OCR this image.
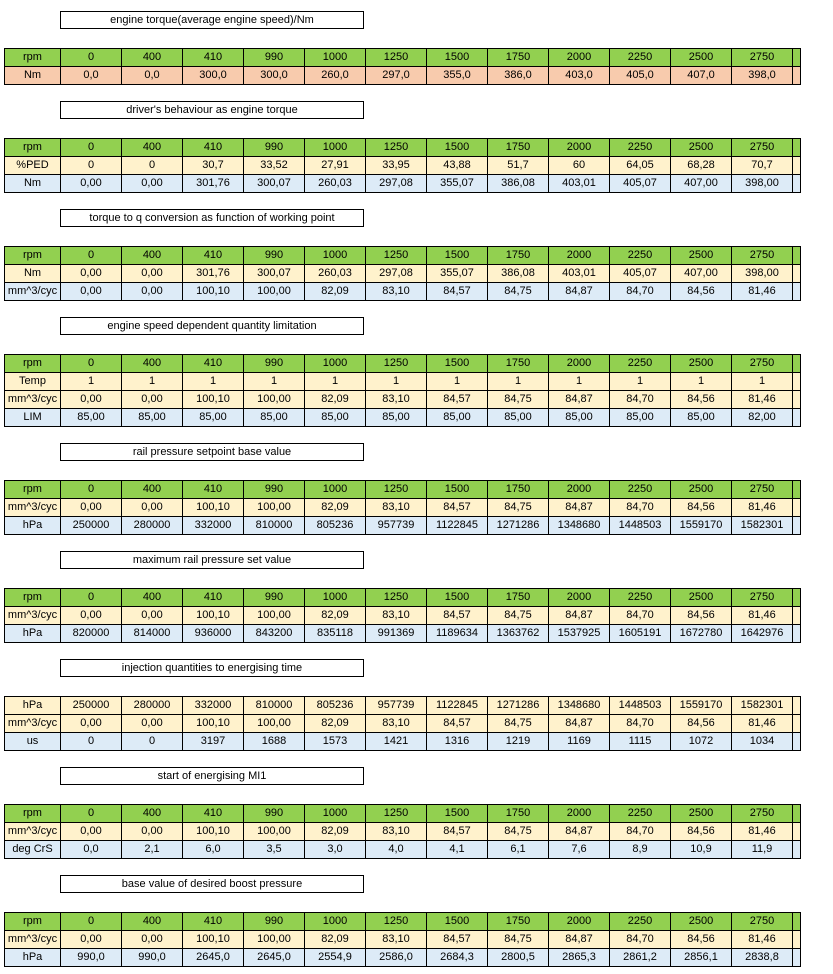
engine torque(average engine speed)/Nm
rpm	0	400	410	990	1000	1250	1500	1750	2000	2250	2500	2750	
Nm	0,0	0,0	300,0	300,0	260,0	297,0	355,0	386,0	403,0	405,0	407,0	398,0	
driver's behaviour as engine torque
rpm	0	400	410	990	1000	1250	1500	1750	2000	2250	2500	2750	
%PED	0	0	30,7	33,52	27,91	33,95	43,88	51,7	60	64,05	68,28	70,7	
Nm	0,00	0,00	301,76	300,07	260,03	297,08	355,07	386,08	403,01	405,07	407,00	398,00	
torque to q conversion as function of working point
rpm	0	400	410	990	1000	1250	1500	1750	2000	2250	2500	2750	
Nm	0,00	0,00	301,76	300,07	260,03	297,08	355,07	386,08	403,01	405,07	407,00	398,00	
mm^3/cyc	0,00	0,00	100,10	100,00	82,09	83,10	84,57	84,75	84,87	84,70	84,56	81,46	
engine speed dependent quantity limitation
rpm	0	400	410	990	1000	1250	1500	1750	2000	2250	2500	2750	
Temp	1	1	1	1	1	1	1	1	1	1	1	1	
mm^3/cyc	0,00	0,00	100,10	100,00	82,09	83,10	84,57	84,75	84,87	84,70	84,56	81,46	
LIM	85,00	85,00	85,00	85,00	85,00	85,00	85,00	85,00	85,00	85,00	85,00	82,00	
rail pressure setpoint base value
rpm	0	400	410	990	1000	1250	1500	1750	2000	2250	2500	2750	
mm^3/cyc	0,00	0,00	100,10	100,00	82,09	83,10	84,57	84,75	84,87	84,70	84,56	81,46	
hPa	250000	280000	332000	810000	805236	957739	1122845	1271286	1348680	1448503	1559170	1582301	
maximum rail pressure set value
rpm	0	400	410	990	1000	1250	1500	1750	2000	2250	2500	2750	
mm^3/cyc	0,00	0,00	100,10	100,00	82,09	83,10	84,57	84,75	84,87	84,70	84,56	81,46	
hPa	820000	814000	936000	843200	835118	991369	1189634	1363762	1537925	1605191	1672780	1642976	
injection quantities to energising time
hPa	250000	280000	332000	810000	805236	957739	1122845	1271286	1348680	1448503	1559170	1582301	
mm^3/cyc	0,00	0,00	100,10	100,00	82,09	83,10	84,57	84,75	84,87	84,70	84,56	81,46	
us	0	0	3197	1688	1573	1421	1316	1219	1169	1115	1072	1034	
start of energising MI1
rpm	0	400	410	990	1000	1250	1500	1750	2000	2250	2500	2750	
mm^3/cyc	0,00	0,00	100,10	100,00	82,09	83,10	84,57	84,75	84,87	84,70	84,56	81,46	
deg CrS	0,0	2,1	6,0	3,5	3,0	4,0	4,1	6,1	7,6	8,9	10,9	11,9	
base value of desired boost pressure
rpm	0	400	410	990	1000	1250	1500	1750	2000	2250	2500	2750	
mm^3/cyc	0,00	0,00	100,10	100,00	82,09	83,10	84,57	84,75	84,87	84,70	84,56	81,46	
hPa	990,0	990,0	2645,0	2645,0	2554,9	2586,0	2684,3	2800,5	2865,3	2861,2	2856,1	2838,8	
